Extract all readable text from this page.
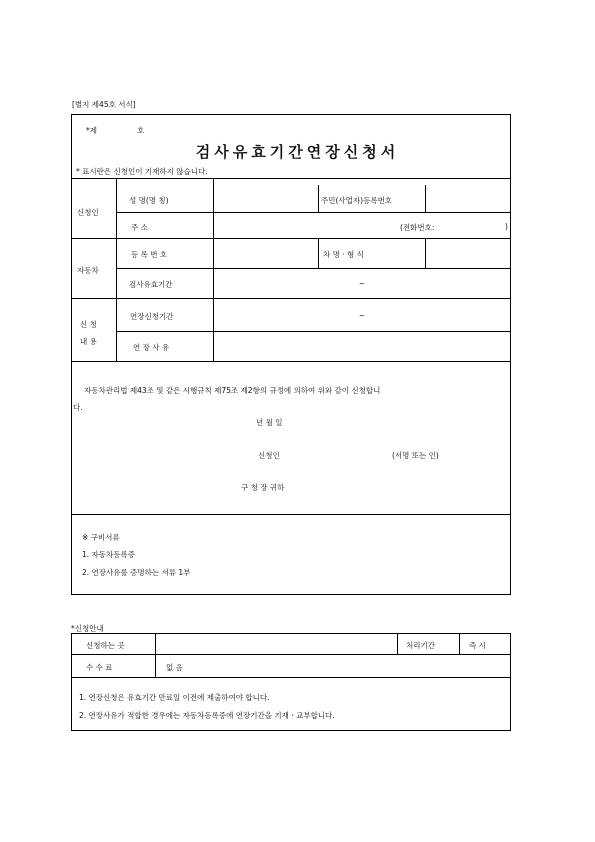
[별지 제45호 서식]
*제	호
검사유효기간연장신청서
* 표시란은 신청인이 기재하지 않습니다.
신청인
성 명(명 칭)	주민(사업자)등록번호
주 소	(전화번호:	)
자동차
등 록 번 호	차 명 · 형 식
검사유효기간	~
신 청
내 용
연장신청기간	~
연 장 사 유
자동차관리법 제43조 및 같은 시행규칙 제75조 제2항의 규정에 의하여 위와 같이 신청합니
다.
년 월 일
신청인	(서명 또는 인)
구 청 장 귀하
※ 구비서류
1. 자동차등록증
2. 연장사유를 증명하는 서류 1부
*신청안내
신청하는 곳	처리기간	즉 시
수 수 료	없 음
1. 연장신청은 유효기간 만료일 이전에 제출하여야 합니다.
2. 연장사유가 적합한 경우에는 자동차등록증에 연장기간을 기재ㆍ교부합니다.
